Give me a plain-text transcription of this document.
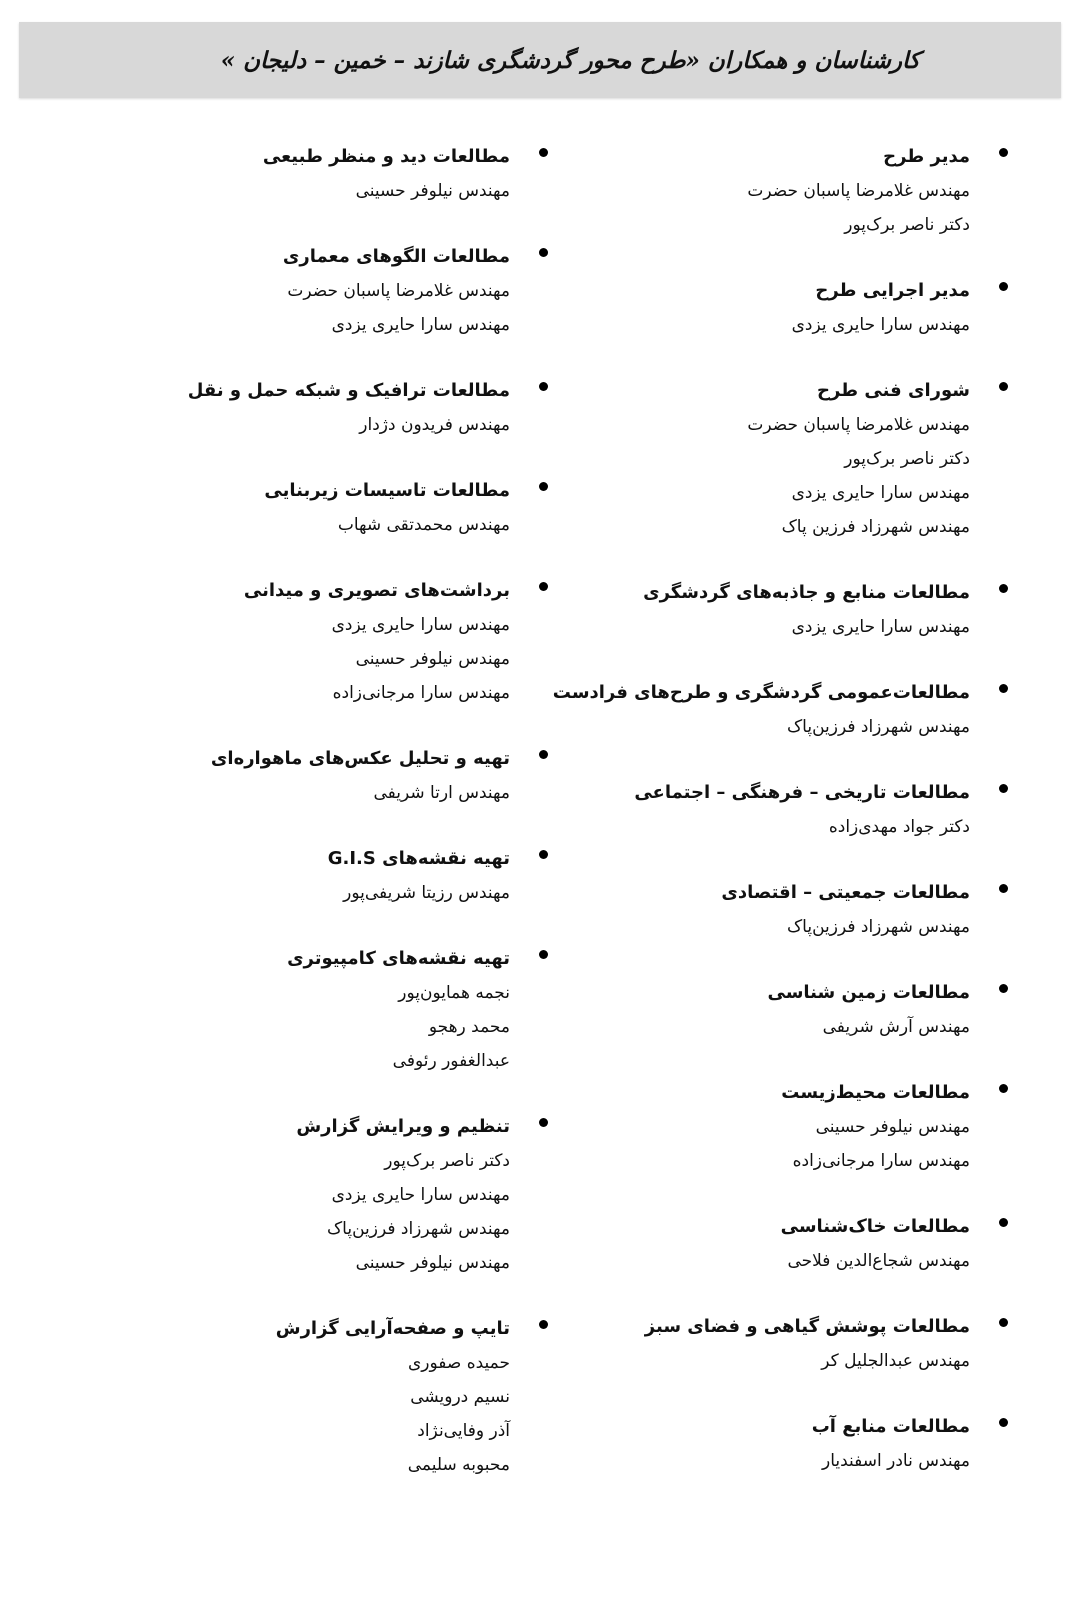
کارشناسان و همکاران «طرح محور گردشگری شازند – خمین – دلیجان »
مدیر طرح
مهندس غلامرضا پاسبان حضرت
دکتر ناصر برک‌پور
مدیر اجرایی طرح
مهندس سارا حایری یزدی
شورای فنی طرح
مهندس غلامرضا پاسبان حضرت
دکتر ناصر برک‌پور
مهندس سارا حایری یزدی
مهندس شهرزاد فرزین پاک
مطالعات منابع و جاذبه‌های گردشگری
مهندس سارا حایری یزدی
مطالعات‌عمومی گردشگری و طرح‌های فرادست
مهندس شهرزاد فرزین‌پاک
مطالعات تاریخی – فرهنگی – اجتماعی
دکتر جواد مهدی‌زاده
مطالعات جمعیتی – اقتصادی
مهندس شهرزاد فرزین‌پاک
مطالعات زمین شناسی
مهندس آرش شریفی
مطالعات محیط‌زیست
مهندس نیلوفر حسینی
مهندس سارا مرجانی‌زاده
مطالعات خاک‌شناسی
مهندس شجاع‌الدین فلاحی
مطالعات پوشش گیاهی و فضای سبز
مهندس عبدالجلیل کر
مطالعات منابع آب
مهندس نادر اسفندیار
مطالعات دید و منظر طبیعی
مهندس نیلوفر حسینی
مطالعات الگوهای معماری
مهندس غلامرضا پاسبان حضرت
مهندس سارا حایری یزدی
مطالعات ترافیک و شبکه حمل و نقل
مهندس فریدون دژدار
مطالعات تاسیسات زیربنایی
مهندس محمدتقی شهاب
برداشت‌های تصویری و میدانی
مهندس سارا حایری یزدی
مهندس نیلوفر حسینی
مهندس سارا مرجانی‌زاده
تهیه و تحلیل عکس‌های ماهواره‌ای
مهندس ارتا شریفی
تهیه نقشه‌های G.I.S
مهندس رزیتا شریفی‌پور
تهیه نقشه‌های کامپیوتری
نجمه همایون‌پور
محمد رهجو
عبدالغفور رئوفی
تنظیم و ویرایش گزارش
دکتر ناصر برک‌پور
مهندس سارا حایری یزدی
مهندس شهرزاد فرزین‌پاک
مهندس نیلوفر حسینی
تایپ و صفحه‌آرایی گزارش
حمیده صفوری
نسیم درویشی
آذر وفایی‌نژاد
محبوبه سلیمی
